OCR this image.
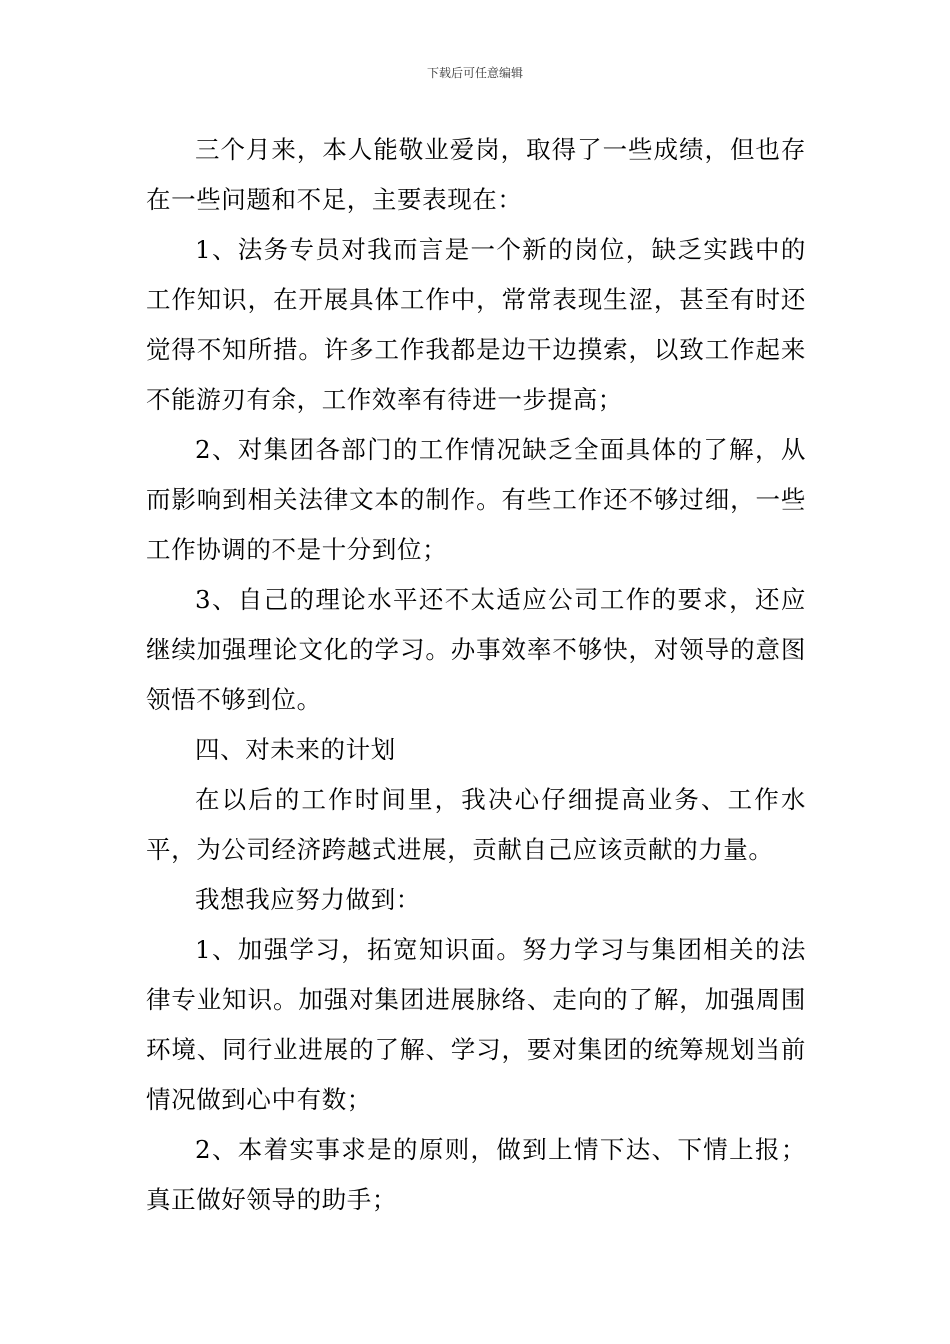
下载后可任意编辑

三个月来，本人能敬业爱岗，取得了一些成绩，但也存在一些问题和不足，主要表现在：

1、法务专员对我而言是一个新的岗位，缺乏实践中的工作知识，在开展具体工作中，常常表现生涩，甚至有时还觉得不知所措。许多工作我都是边干边摸索，以致工作起来不能游刃有余，工作效率有待进一步提高；

2、对集团各部门的工作情况缺乏全面具体的了解，从而影响到相关法律文本的制作。有些工作还不够过细，一些工作协调的不是十分到位；

3、自己的理论水平还不太适应公司工作的要求，还应继续加强理论文化的学习。办事效率不够快，对领导的意图领悟不够到位。

四、对未来的计划

在以后的工作时间里，我决心仔细提高业务、工作水平，为公司经济跨越式进展，贡献自己应该贡献的力量。

我想我应努力做到：

1、加强学习，拓宽知识面。努力学习与集团相关的法律专业知识。加强对集团进展脉络、走向的了解，加强周围环境、同行业进展的了解、学习，要对集团的统筹规划当前情况做到心中有数；

2、本着实事求是的原则，做到上情下达、下情上报；真正做好领导的助手；
